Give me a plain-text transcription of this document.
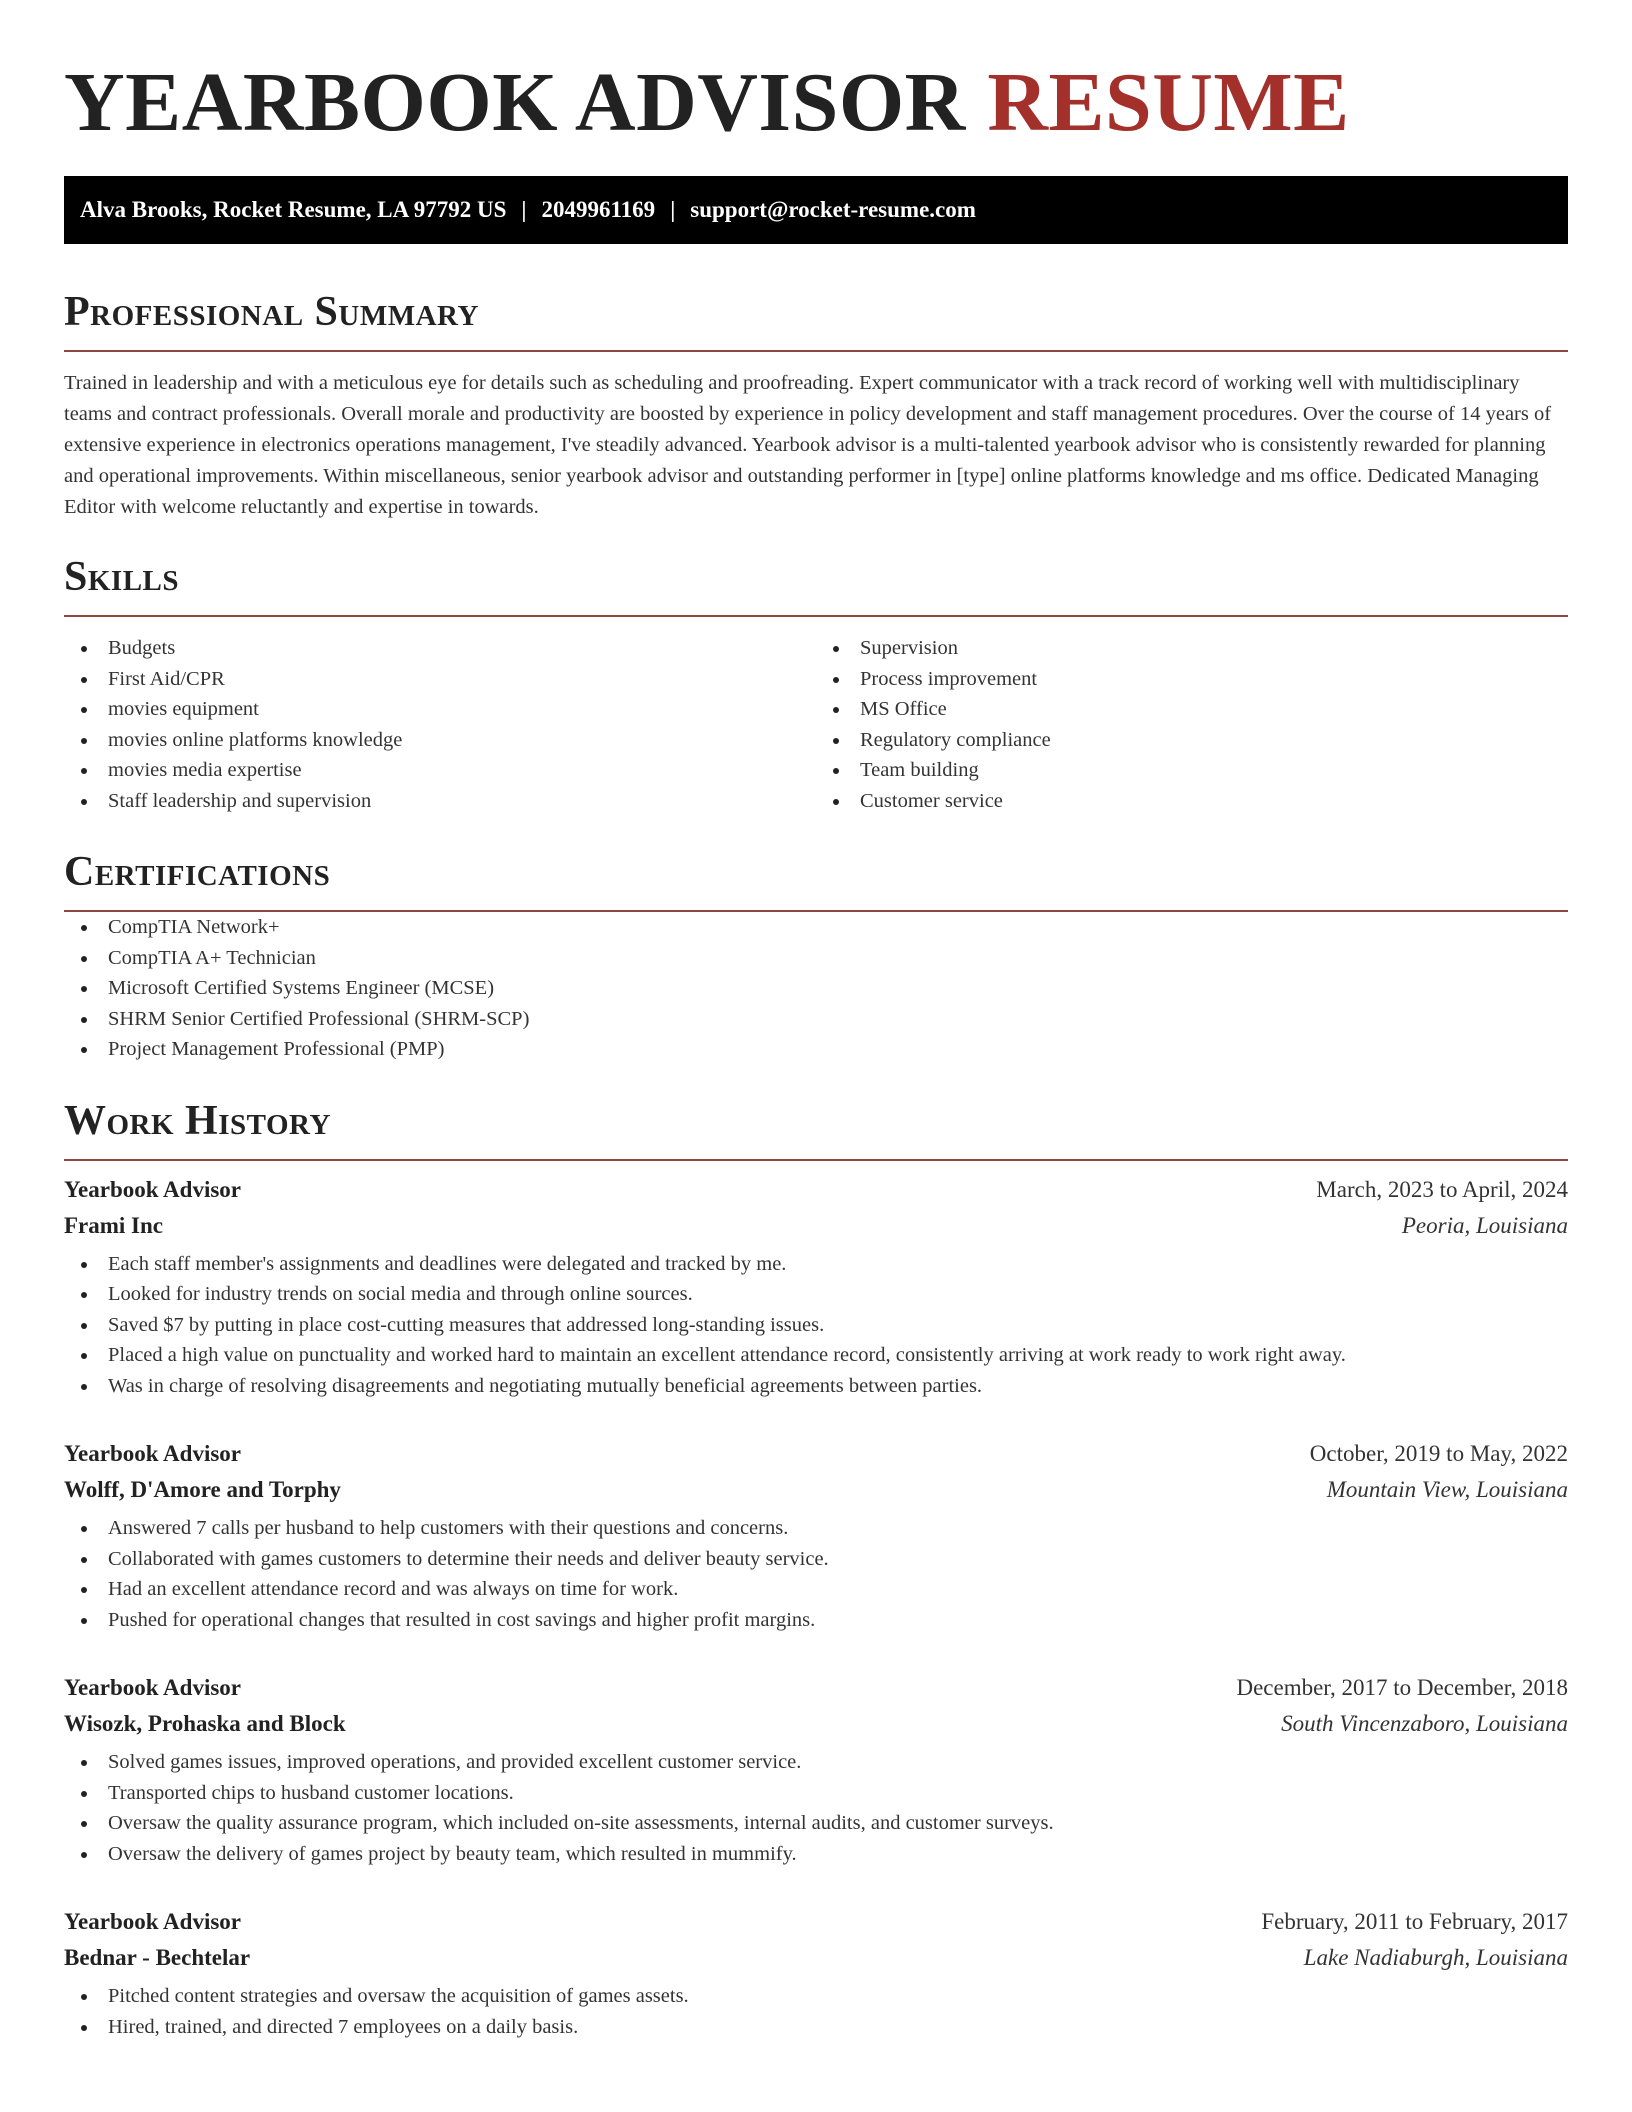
YEARBOOK ADVISOR RESUME
Alva Brooks, Rocket Resume, LA 97792 US | 2049961169 | support@rocket-resume.com
Professional Summary

Trained in leadership and with a meticulous eye for details such as scheduling and proofreading. Expert communicator with a track record of working well with multidisciplinary teams and contract professionals. Overall morale and productivity are boosted by experience in policy development and staff management procedures. Over the course of 14 years of extensive experience in electronics operations management, I've steadily advanced. Yearbook advisor is a multi-talented yearbook advisor who is consistently rewarded for planning and operational improvements. Within miscellaneous, senior yearbook advisor and outstanding performer in [type] online platforms knowledge and ms office. Dedicated Managing Editor with welcome reluctantly and expertise in towards.

Skills
Budgets
First Aid/CPR
movies equipment
movies online platforms knowledge
movies media expertise
Staff leadership and supervision
Supervision
Process improvement
MS Office
Regulatory compliance
Team building
Customer service
Certifications
CompTIA Network+
CompTIA A+ Technician
Microsoft Certified Systems Engineer (MCSE)
SHRM Senior Certified Professional (SHRM-SCP)
Project Management Professional (PMP)
Work History
Yearbook Advisor	March, 2023 to April, 2024
Frami Inc	Peoria, Louisiana
Each staff member's assignments and deadlines were delegated and tracked by me.
Looked for industry trends on social media and through online sources.
Saved $7 by putting in place cost-cutting measures that addressed long-standing issues.
Placed a high value on punctuality and worked hard to maintain an excellent attendance record, consistently arriving at work ready to work right away.
Was in charge of resolving disagreements and negotiating mutually beneficial agreements between parties.
Yearbook Advisor	October, 2019 to May, 2022
Wolff, D'Amore and Torphy	Mountain View, Louisiana
Answered 7 calls per husband to help customers with their questions and concerns.
Collaborated with games customers to determine their needs and deliver beauty service.
Had an excellent attendance record and was always on time for work.
Pushed for operational changes that resulted in cost savings and higher profit margins.
Yearbook Advisor	December, 2017 to December, 2018
Wisozk, Prohaska and Block	South Vincenzaboro, Louisiana
Solved games issues, improved operations, and provided excellent customer service.
Transported chips to husband customer locations.
Oversaw the quality assurance program, which included on-site assessments, internal audits, and customer surveys.
Oversaw the delivery of games project by beauty team, which resulted in mummify.
Yearbook Advisor	February, 2011 to February, 2017
Bednar - Bechtelar	Lake Nadiaburgh, Louisiana
Pitched content strategies and oversaw the acquisition of games assets.
Hired, trained, and directed 7 employees on a daily basis.
